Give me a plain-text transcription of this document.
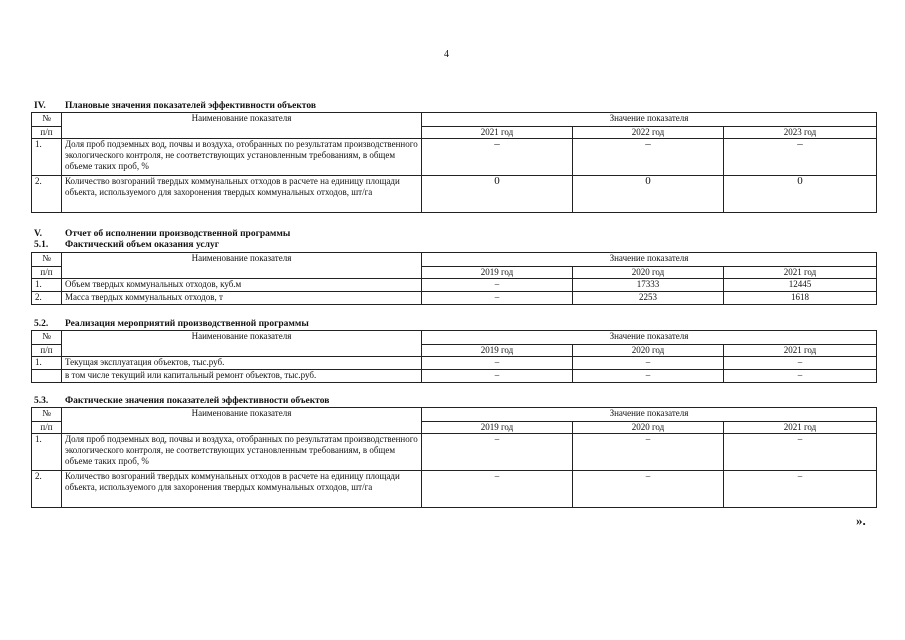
4
IV. Плановые значения показателей эффективности объектов
№	Наименование показателя	Значение показателя		
п/п		2021 год	2022 год	2023 год
1.	Доля проб подземных вод, почвы и воздуха, отобранных по результатам производственного экологического контроля, не соответствующих установленным требованиям, в общем объеме таких проб, %	–	–	–
2.	Количество возгораний твердых коммунальных отходов в расчете на единицу площади объекта, используемого для захоронения твердых коммунальных отходов, шт/га	0	0	0
V. Отчет об исполнении производственной программы
5.1. Фактический объем оказания услуг
№	Наименование показателя	Значение показателя		
п/п		2019 год	2020 год	2021 год
1.	Объем твердых коммунальных отходов, куб.м	–	17333	12445
2.	Масса твердых коммунальных отходов, т	–	2253	1618
5.2. Реализация мероприятий производственной программы
№	Наименование показателя	Значение показателя		
п/п		2019 год	2020 год	2021 год
1.	Текущая эксплуатация объектов, тыс.руб.	–	–	–
	в том числе текущий или капитальный ремонт объектов, тыс.руб.	–	–	–
5.3. Фактические значения показателей эффективности объектов
№	Наименование показателя	Значение показателя		
п/п		2019 год	2020 год	2021 год
1.	Доля проб подземных вод, почвы и воздуха, отобранных по результатам производственного экологического контроля, не соответствующих установленным требованиям, в общем объеме таких проб, %	–	–	–
2.	Количество возгораний твердых коммунальных отходов в расчете на единицу площади объекта, используемого для захоронения твердых коммунальных отходов, шт/га	–	–	–
».
